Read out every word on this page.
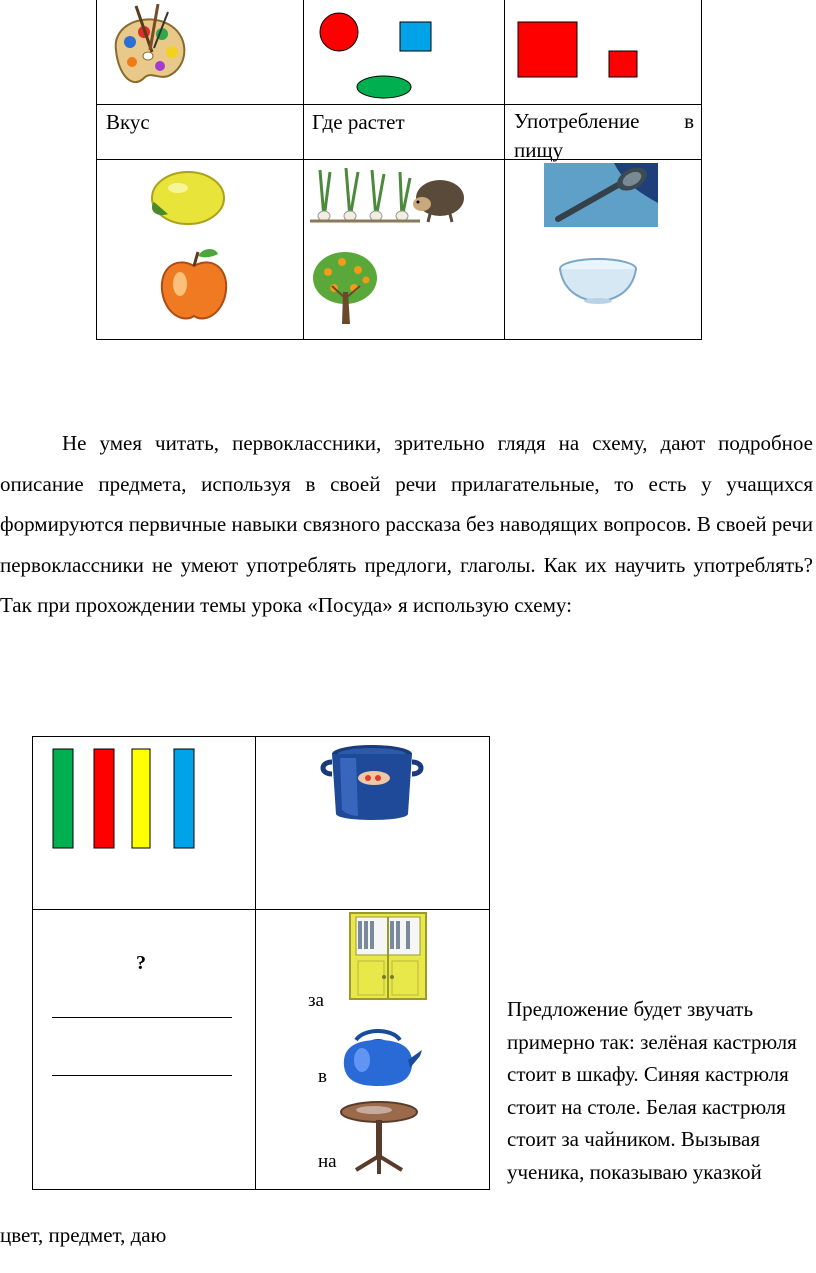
Вкус	Где растет	Употребление в пищу

Не умея читать, первоклассники, зрительно глядя на схему, дают подробное описание предмета, используя в своей речи прилагательные, то есть у учащихся формируются первичные навыки связного рассказа без наводящих вопросов. В своей речи первоклассники не умеют употреблять предлоги, глаголы. Как их научить употреблять? Так при прохождении темы урока «Посуда» я использую схему:

?
за
в
на
Предложение будет звучать примерно так: зелёная кастрюля стоит в шкафу. Синяя кастрюля стоит на столе. Белая кастрюля стоит за чайником. Вызывая ученика, показываю указкой
цвет, предмет, даю
